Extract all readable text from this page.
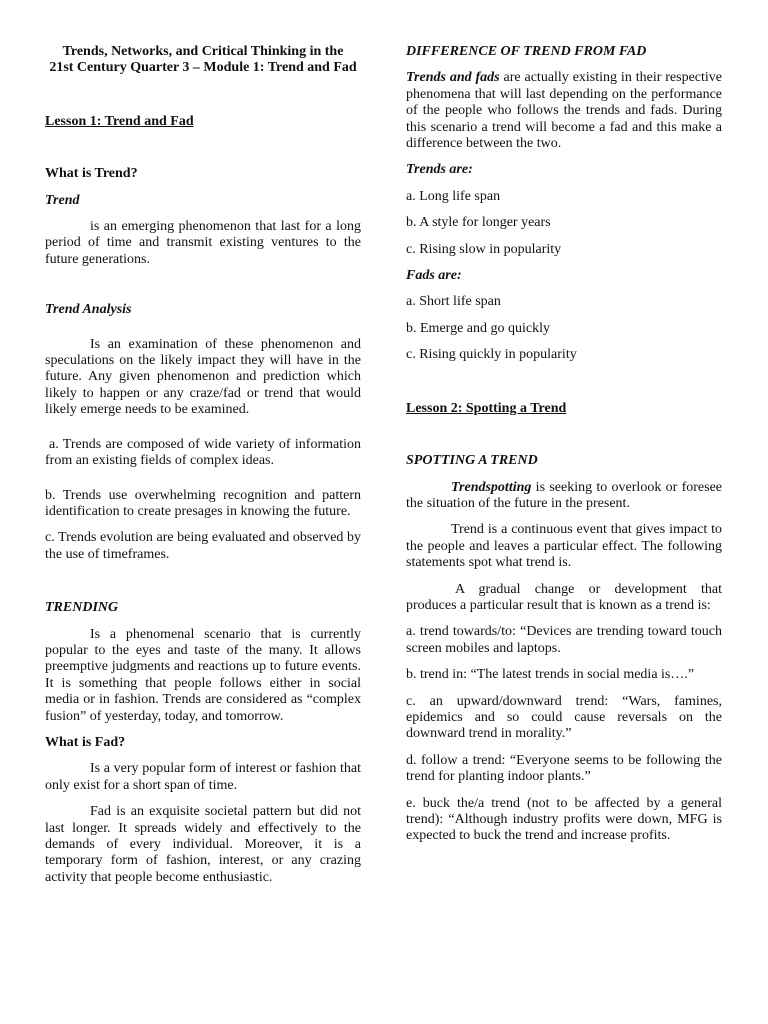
Trends, Networks, and Critical Thinking in the 21st Century Quarter 3 – Module 1: Trend and Fad

Lesson 1: Trend and Fad

What is Trend?

Trend

is an emerging phenomenon that last for a long period of time and transmit existing ventures to the future generations.

Trend Analysis

Is an examination of these phenomenon and speculations on the likely impact they will have in the future. Any given phenomenon and prediction which likely to happen or any craze/fad or trend that would likely emerge needs to be examined.

a. Trends are composed of wide variety of information from an existing fields of complex ideas.

b. Trends use overwhelming recognition and pattern identification to create presages in knowing the future.

c. Trends evolution are being evaluated and observed by the use of timeframes.

TRENDING

Is a phenomenal scenario that is currently popular to the eyes and taste of the many. It allows preemptive judgments and reactions up to future events. It is something that people follows either in social media or in fashion. Trends are considered as “complex fusion” of yesterday, today, and tomorrow.

What is Fad?

Is a very popular form of interest or fashion that only exist for a short span of time.

Fad is an exquisite societal pattern but did not last longer. It spreads widely and effectively to the demands of every individual. Moreover, it is a temporary form of fashion, interest, or any crazing activity that people become enthusiastic.

DIFFERENCE OF TREND FROM FAD

Trends and fads are actually existing in their respective phenomena that will last depending on the performance of the people who follows the trends and fads. During this scenario a trend will become a fad and this make a difference between the two.

Trends are:

a. Long life span

b. A style for longer years

c. Rising slow in popularity

Fads are:

a. Short life span

b. Emerge and go quickly

c. Rising quickly in popularity

Lesson 2: Spotting a Trend

SPOTTING A TREND

Trendspotting is seeking to overlook or foresee the situation of the future in the present.

Trend is a continuous event that gives impact to the people and leaves a particular effect. The following statements spot what trend is.

A gradual change or development that produces a particular result that is known as a trend is:

a. trend towards/to: “Devices are trending toward touch screen mobiles and laptops.

b. trend in: “The latest trends in social media is….”

c. an upward/downward trend: “Wars, famines, epidemics and so could cause reversals on the downward trend in morality.”

d. follow a trend: “Everyone seems to be following the trend for planting indoor plants.”

e. buck the/a trend (not to be affected by a general trend): “Although industry profits were down, MFG is expected to buck the trend and increase profits.
